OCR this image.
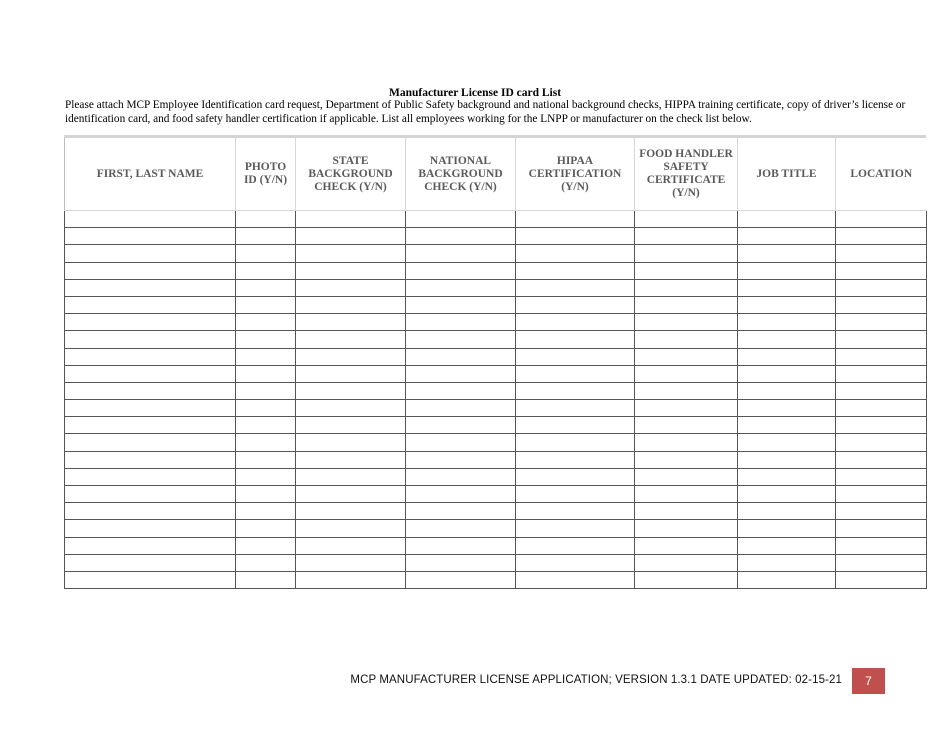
Manufacturer License ID card List
Please attach MCP Employee Identification card request, Department of Public Safety background and national background checks, HIPPA training certificate, copy of driver’s license or identification card, and food safety handler certification if applicable. List all employees working for the LNPP or manufacturer on the check list below.
FIRST, LAST NAME	PHOTO ID (Y/N)	STATE BACKGROUND CHECK (Y/N)	NATIONAL BACKGROUND CHECK (Y/N)	HIPAA CERTIFICATION (Y/N)	FOOD HANDLER SAFETY CERTIFICATE (Y/N)	JOB TITLE	LOCATION

MCP MANUFACTURER LICENSE APPLICATION; VERSION 1.3.1 DATE UPDATED: 02-15-21	7
